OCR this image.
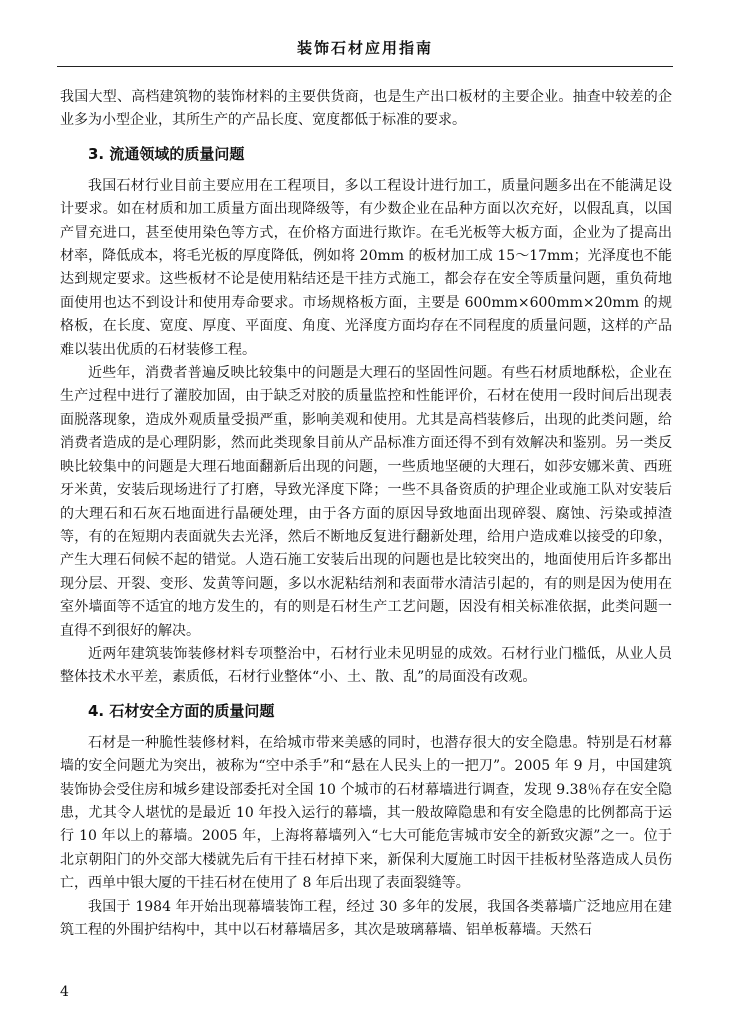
装饰石材应用指南

我国大型、高档建筑物的装饰材料的主要供货商，也是生产出口板材的主要企业。抽查中较差的企业多为小型企业，其所生产的产品长度、宽度都低于标准的要求。

3. 流通领域的质量问题

我国石材行业目前主要应用在工程项目，多以工程设计进行加工，质量问题多出在不能满足设计要求。如在材质和加工质量方面出现降级等，有少数企业在品种方面以次充好，以假乱真，以国产冒充进口，甚至使用染色等方式，在价格方面进行欺诈。在毛光板等大板方面，企业为了提高出材率，降低成本，将毛光板的厚度降低，例如将 20mm 的板材加工成 15～17mm；光泽度也不能达到规定要求。这些板材不论是使用粘结还是干挂方式施工，都会存在安全等质量问题，重负荷地面使用也达不到设计和使用寿命要求。市场规格板方面，主要是 600mm×600mm×20mm 的规格板，在长度、宽度、厚度、平面度、角度、光泽度方面均存在不同程度的质量问题，这样的产品难以装出优质的石材装修工程。

近些年，消费者普遍反映比较集中的问题是大理石的坚固性问题。有些石材质地酥松，企业在生产过程中进行了灌胶加固，由于缺乏对胶的质量监控和性能评价，石材在使用一段时间后出现表面脱落现象，造成外观质量受损严重，影响美观和使用。尤其是高档装修后，出现的此类问题，给消费者造成的是心理阴影，然而此类现象目前从产品标准方面还得不到有效解决和鉴别。另一类反映比较集中的问题是大理石地面翻新后出现的问题，一些质地坚硬的大理石，如莎安娜米黄、西班牙米黄，安装后现场进行了打磨，导致光泽度下降；一些不具备资质的护理企业或施工队对安装后的大理石和石灰石地面进行晶硬处理，由于各方面的原因导致地面出现碎裂、腐蚀、污染或掉渣等，有的在短期内表面就失去光泽，然后不断地反复进行翻新处理，给用户造成难以接受的印象，产生大理石伺候不起的错觉。人造石施工安装后出现的问题也是比较突出的，地面使用后许多都出现分层、开裂、变形、发黄等问题，多以水泥粘结剂和表面带水清洁引起的，有的则是因为使用在室外墙面等不适宜的地方发生的，有的则是石材生产工艺问题，因没有相关标准依据，此类问题一直得不到很好的解决。

近两年建筑装饰装修材料专项整治中，石材行业未见明显的成效。石材行业门槛低，从业人员整体技术水平差，素质低，石材行业整体“小、土、散、乱”的局面没有改观。

4. 石材安全方面的质量问题

石材是一种脆性装修材料，在给城市带来美感的同时，也潜存很大的安全隐患。特别是石材幕墙的安全问题尤为突出，被称为“空中杀手”和“悬在人民头上的一把刀”。2005 年 9 月，中国建筑装饰协会受住房和城乡建设部委托对全国 10 个城市的石材幕墙进行调查，发现 9.38％存在安全隐患，尤其令人堪忧的是最近 10 年投入运行的幕墙，其一般故障隐患和有安全隐患的比例都高于运行 10 年以上的幕墙。2005 年，上海将幕墙列入“七大可能危害城市安全的新致灾源”之一。位于北京朝阳门的外交部大楼就先后有干挂石材掉下来，新保利大厦施工时因干挂板材坠落造成人员伤亡，西单中银大厦的干挂石材在使用了 8 年后出现了表面裂缝等。

我国于 1984 年开始出现幕墙装饰工程，经过 30 多年的发展，我国各类幕墙广泛地应用在建筑工程的外围护结构中，其中以石材幕墙居多，其次是玻璃幕墙、铝单板幕墙。天然石

4
